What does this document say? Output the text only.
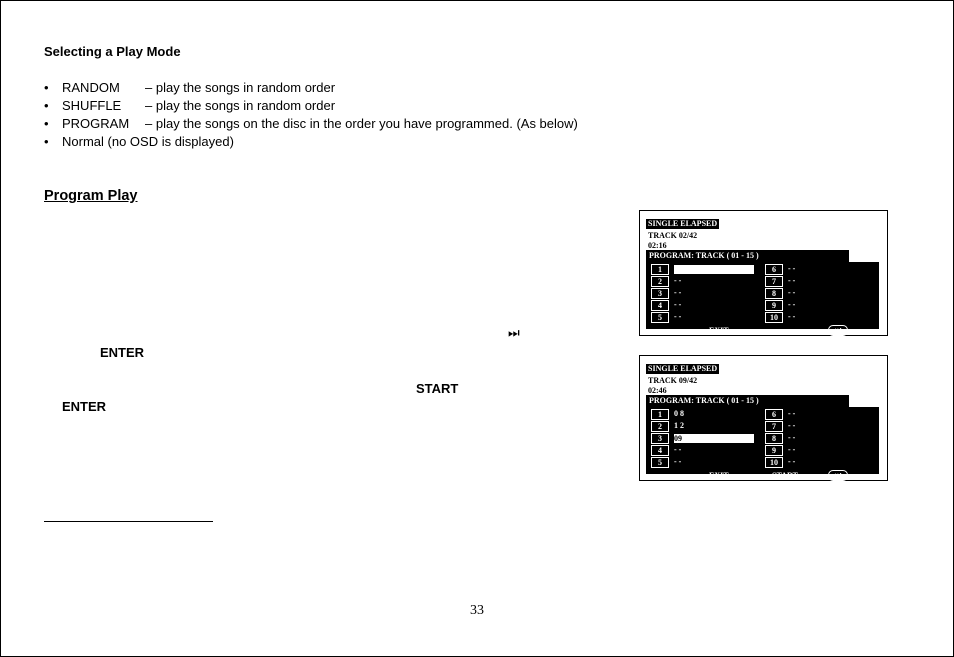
Selecting a Play Mode
•	RANDOM – play the songs in random order
•	SHUFFLE – play the songs in random order
•	PROGRAM – play the songs on the disc in the order you have programmed. (As below)
•	Normal (no OSD is displayed)
Program Play
⏭
ENTER
START
ENTER
33
SINGLE ELAPSED
TRACK 02/42
02:16
PROGRAM: TRACK ( 01 - 15 )
1
2	- -
3	- -
4	- -
5	- -
6	- -
7	- -
8	- -
9	- -
10	- -
EXIT	⏭
SINGLE ELAPSED
TRACK 09/42
02:46
PROGRAM: TRACK ( 01 - 15 )
1	0 8
2	1 2
3	09
4	- -
5	- -
6	- -
7	- -
8	- -
9	- -
10	- -
EXIT	START	⏭
